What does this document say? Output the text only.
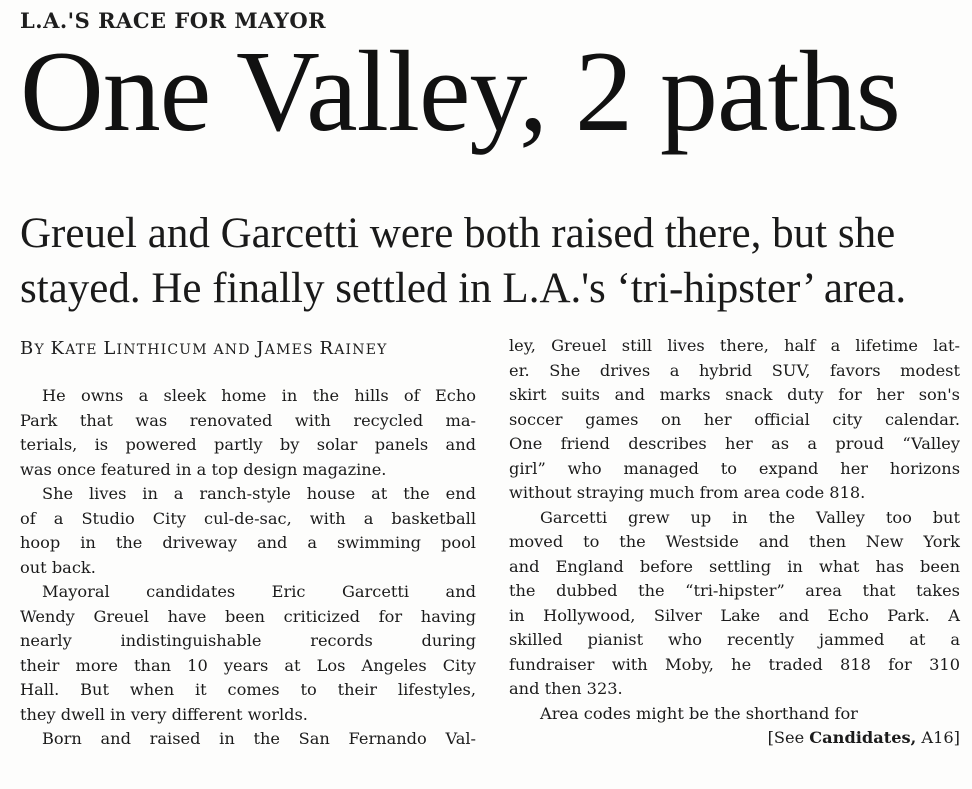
L.A.'S RACE FOR MAYOR
One Valley, 2 paths
Greuel and Garcetti were both raised there, but she
stayed. He finally settled in L.A.'s ‘tri-hipster’ area.
BY KATE LINTHICUM AND JAMES RAINEY
He owns a sleek home in the hills of Echo
Park that was renovated with recycled ma-
terials, is powered partly by solar panels and
was once featured in a top design magazine.
She lives in a ranch-style house at the end
of a Studio City cul-de-sac, with a basketball
hoop in the driveway and a swimming pool
out back.
Mayoral candidates Eric Garcetti and
Wendy Greuel have been criticized for having
nearly indistinguishable records during
their more than 10 years at Los Angeles City
Hall. But when it comes to their lifestyles,
they dwell in very different worlds.
Born and raised in the San Fernando Val-
ley, Greuel still lives there, half a lifetime lat-
er. She drives a hybrid SUV, favors modest
skirt suits and marks snack duty for her son's
soccer games on her official city calendar.
One friend describes her as a proud “Valley
girl” who managed to expand her horizons
without straying much from area code 818.
Garcetti grew up in the Valley too but
moved to the Westside and then New York
and England before settling in what has been
the dubbed the “tri-hipster” area that takes
in Hollywood, Silver Lake and Echo Park. A
skilled pianist who recently jammed at a
fundraiser with Moby, he traded 818 for 310
and then 323.
Area codes might be the shorthand for
[See Candidates, A16]
